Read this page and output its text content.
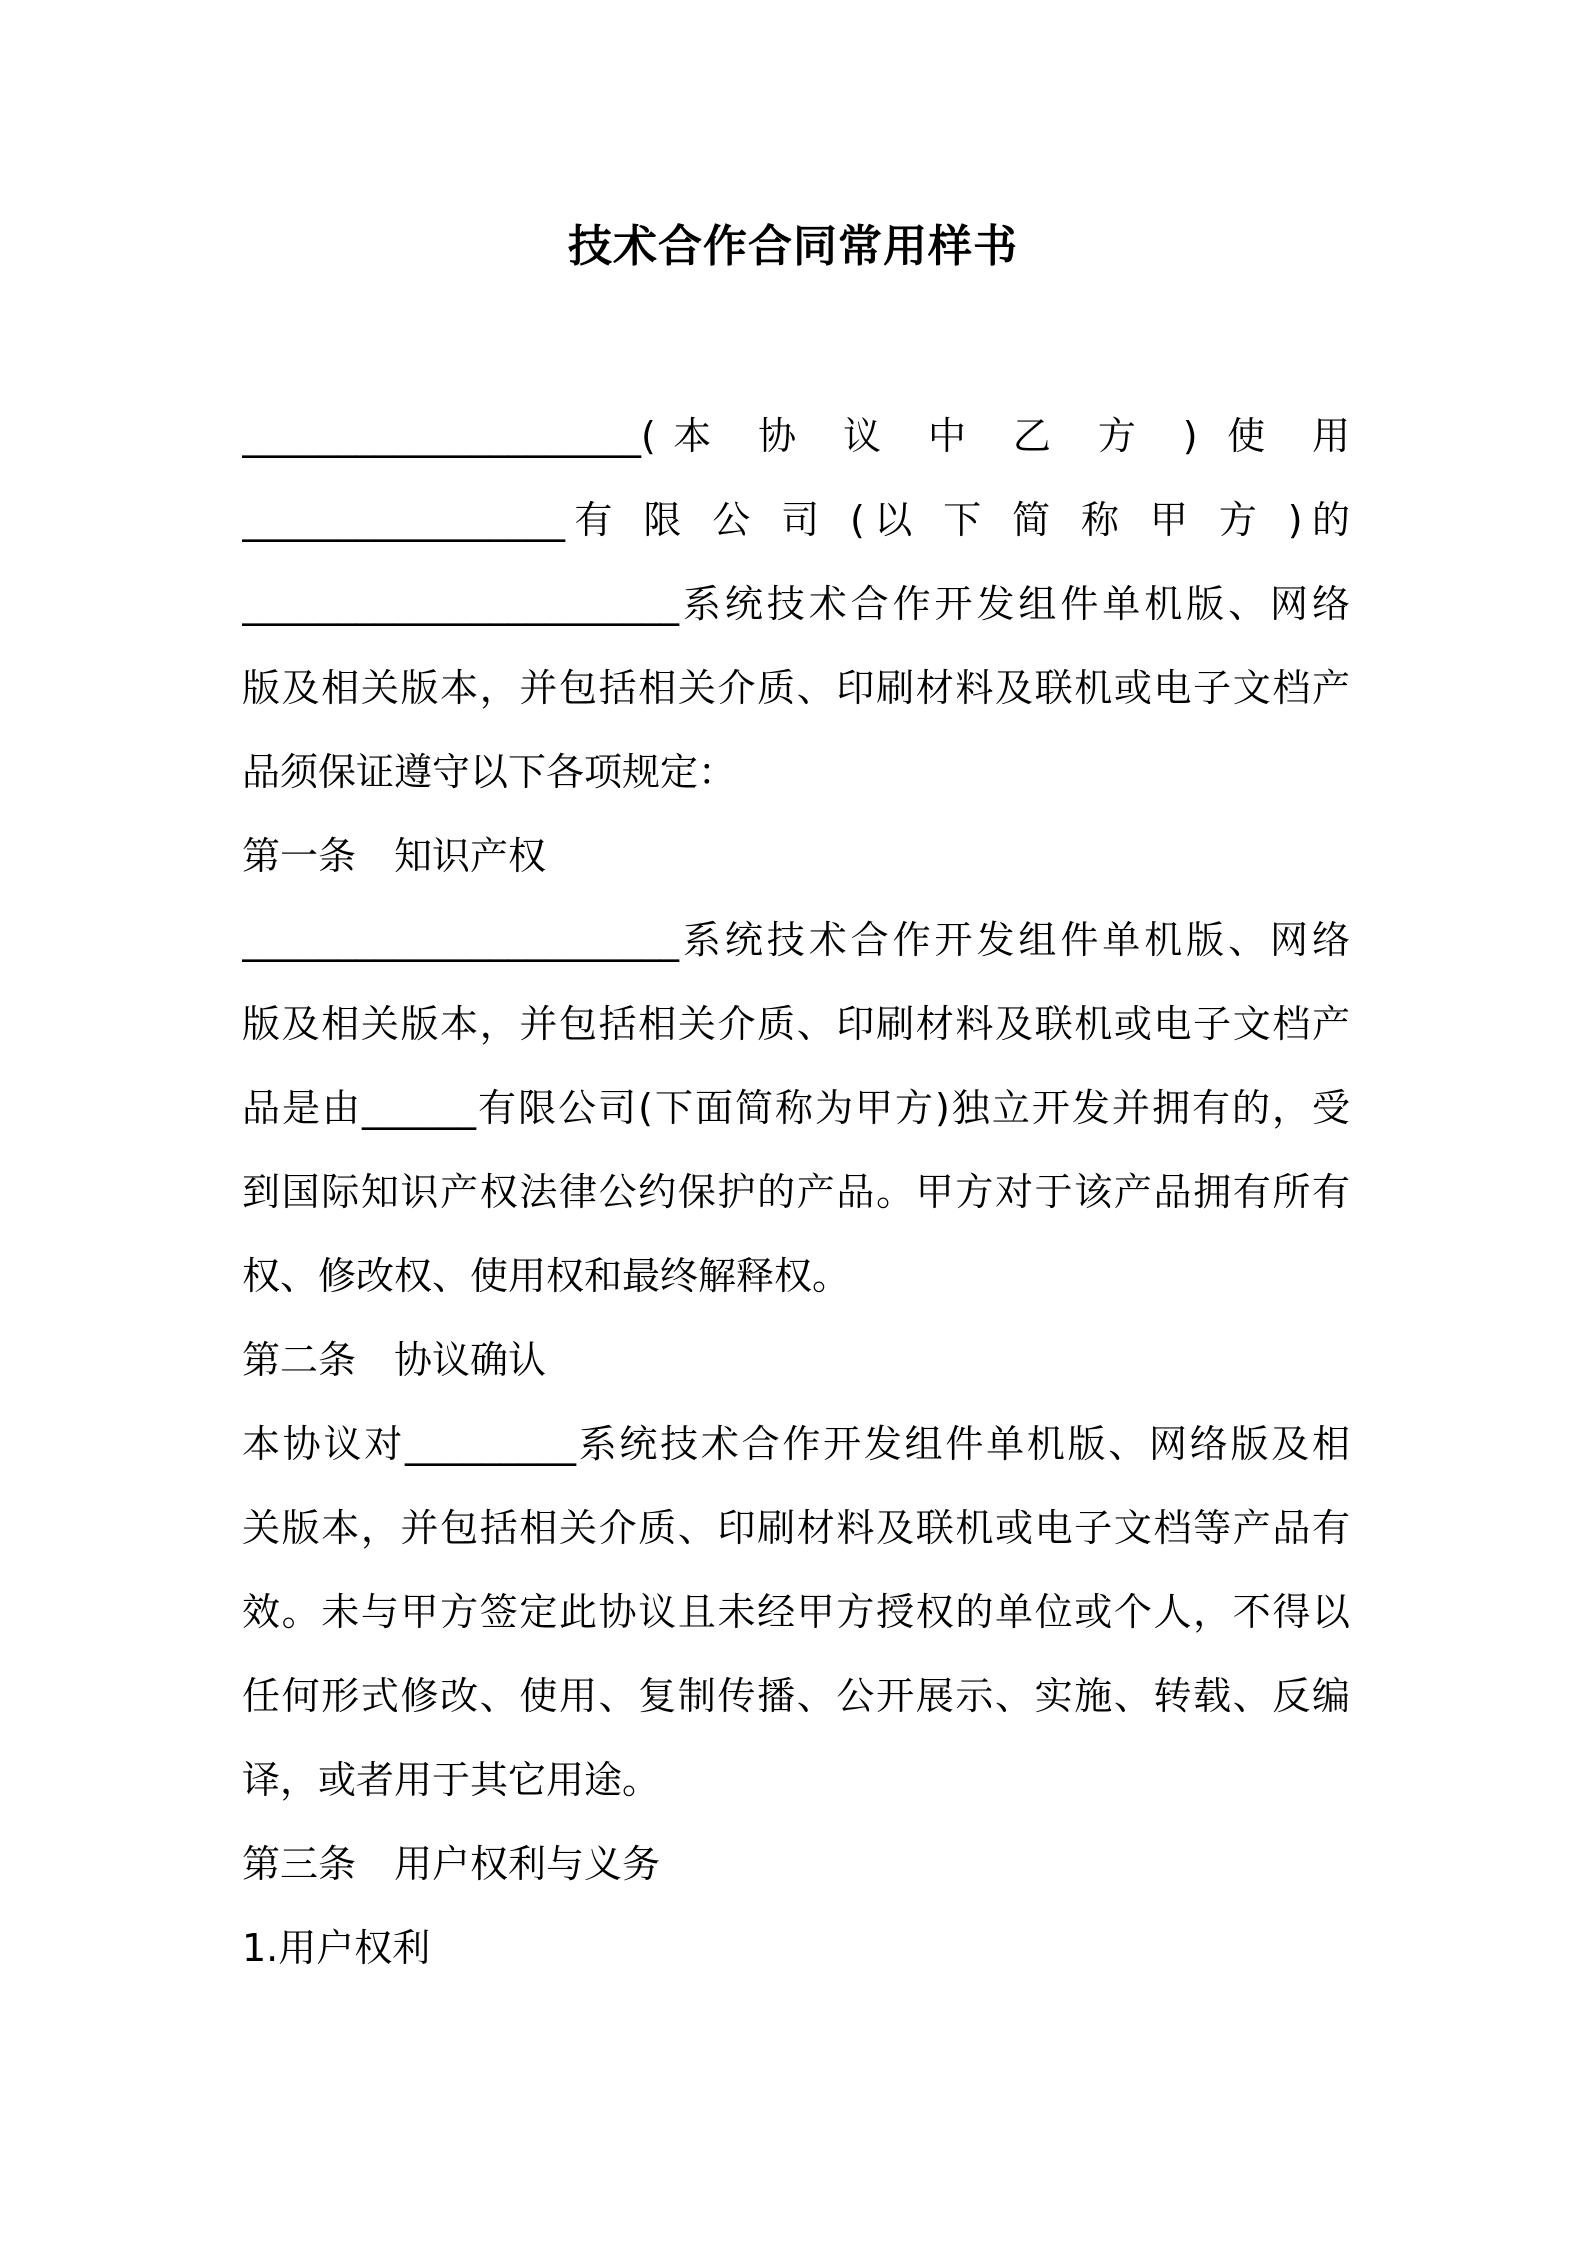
技术合作合同常用样书
_____________________(本 协 议 中 乙 方 ) 使 用
_________________有 限 公 司 (以 下 简 称 甲 方 )的
_______________________系统技术合作开发组件单机版、网络
版及相关版本，并包括相关介质、印刷材料及联机或电子文档产
品须保证遵守以下各项规定：
第一条　知识产权
_______________________系统技术合作开发组件单机版、网络
版及相关版本，并包括相关介质、印刷材料及联机或电子文档产
品是由______有限公司(下面简称为甲方)独立开发并拥有的，受
到国际知识产权法律公约保护的产品。甲方对于该产品拥有所有
权、修改权、使用权和最终解释权。
第二条　协议确认
本协议对_________系统技术合作开发组件单机版、网络版及相
关版本，并包括相关介质、印刷材料及联机或电子文档等产品有
效。未与甲方签定此协议且未经甲方授权的单位或个人，不得以
任何形式修改、使用、复制传播、公开展示、实施、转载、反编
译，或者用于其它用途。
第三条　用户权利与义务
1.用户权利
